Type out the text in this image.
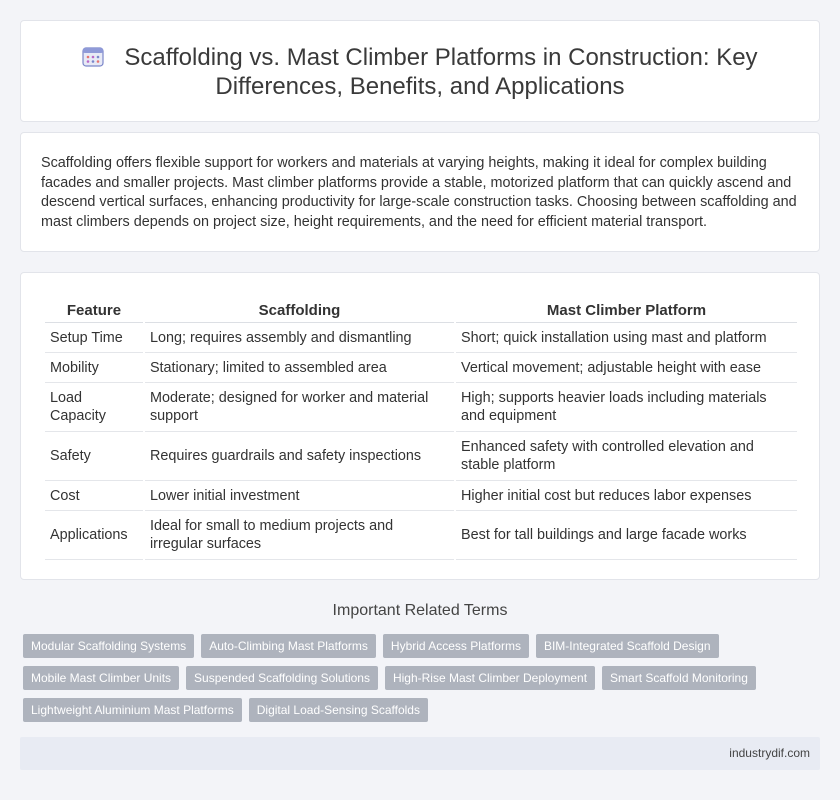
Scaffolding vs. Mast Climber Platforms in Construction: Key Differences, Benefits, and Applications

Scaffolding offers flexible support for workers and materials at varying heights, making it ideal for complex building facades and smaller projects. Mast climber platforms provide a stable, motorized platform that can quickly ascend and descend vertical surfaces, enhancing productivity for large-scale construction tasks. Choosing between scaffolding and mast climbers depends on project size, height requirements, and the need for efficient material transport.

Feature	Scaffolding	Mast Climber Platform
Setup Time	Long; requires assembly and dismantling	Short; quick installation using mast and platform
Mobility	Stationary; limited to assembled area	Vertical movement; adjustable height with ease
Load Capacity	Moderate; designed for worker and material support	High; supports heavier loads including materials and equipment
Safety	Requires guardrails and safety inspections	Enhanced safety with controlled elevation and stable platform
Cost	Lower initial investment	Higher initial cost but reduces labor expenses
Applications	Ideal for small to medium projects and irregular surfaces	Best for tall buildings and large facade works
Important Related Terms
Modular Scaffolding Systems	Auto-Climbing Mast Platforms	Hybrid Access Platforms	BIM-Integrated Scaffold Design
Mobile Mast Climber Units	Suspended Scaffolding Solutions	High-Rise Mast Climber Deployment	Smart Scaffold Monitoring
Lightweight Aluminium Mast Platforms	Digital Load-Sensing Scaffolds
industrydif.com
